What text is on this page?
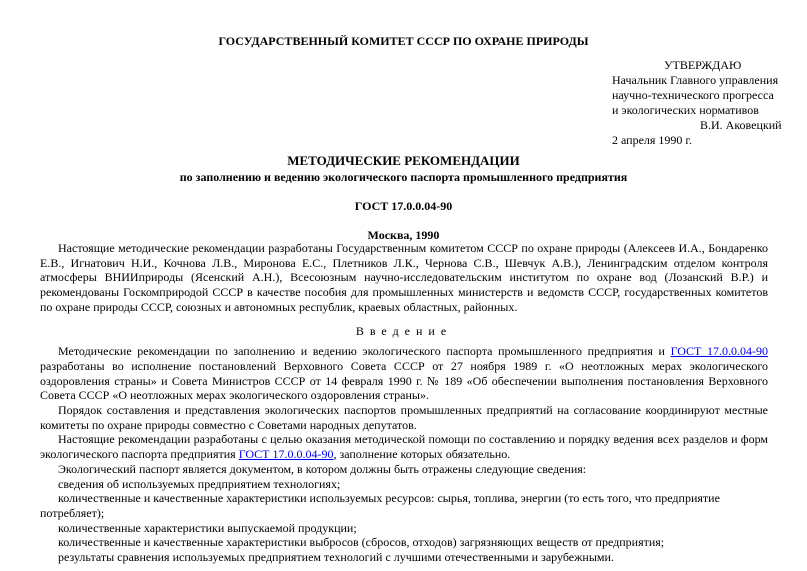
ГОСУДАРСТВЕННЫЙ КОМИТЕТ СССР ПО ОХРАНЕ ПРИРОДЫ
УТВЕРЖДАЮ
Начальник Главного управления
научно-технического прогресса
и экологических нормативов
В.И. Аковецкий
2 апреля 1990 г.
МЕТОДИЧЕСКИЕ РЕКОМЕНДАЦИИ
по заполнению и ведению экологического паспорта промышленного предприятия
ГОСТ 17.0.0.04-90
Москва, 1990

Настоящие методические рекомендации разработаны Государственным комитетом СССР по охране природы (Алексеев И.А., Бондаренко Е.В., Игнатович Н.И., Кочнова Л.В., Миронова Е.С., Плетников Л.К., Чернова С.В., Шевчук А.В.), Ленинградским отделом контроля атмосферы ВНИИприроды (Ясенский А.Н.), Всесоюзным научно-исследовательским институтом по охране вод (Лозанский В.Р.) и рекомендованы Госкомприродой СССР в качестве пособия для промышленных министерств и ведомств СССР, государственных комитетов по охране природы СССР, союзных и автономных республик, краевых областных, районных.

Введение

Методические рекомендации по заполнению и ведению экологического паспорта промышленного предприятия и ГОСТ 17.0.0.04-90 разработаны во исполнение постановлений Верховного Совета СССР от 27 ноября 1989 г. «О неотложных мерах экологического оздоровления страны» и Совета Министров СССР от 14 февраля 1990 г. № 189 «Об обеспечении выполнения постановления Верховного Совета СССР «О неотложных мерах экологического оздоровления страны».

Порядок составления и представления экологических паспортов промышленных предприятий на согласование координируют местные комитеты по охране природы совместно с Советами народных депутатов.

Настоящие рекомендации разработаны с целью оказания методической помощи по составлению и порядку ведения всех разделов и форм экологического паспорта предприятия ГОСТ 17.0.0.04-90, заполнение которых обязательно.

Экологический паспорт является документом, в котором должны быть отражены следующие сведения:

сведения об используемых предприятием технологиях;

количественные и качественные характеристики используемых ресурсов: сырья, топлива, энергии (то есть того, что предприятие потребляет);

количественные характеристики выпускаемой продукции;

количественные и качественные характеристики выбросов (сбросов, отходов) загрязняющих веществ от предприятия;

результаты сравнения используемых предприятием технологий с лучшими отечественными и зарубежными.
